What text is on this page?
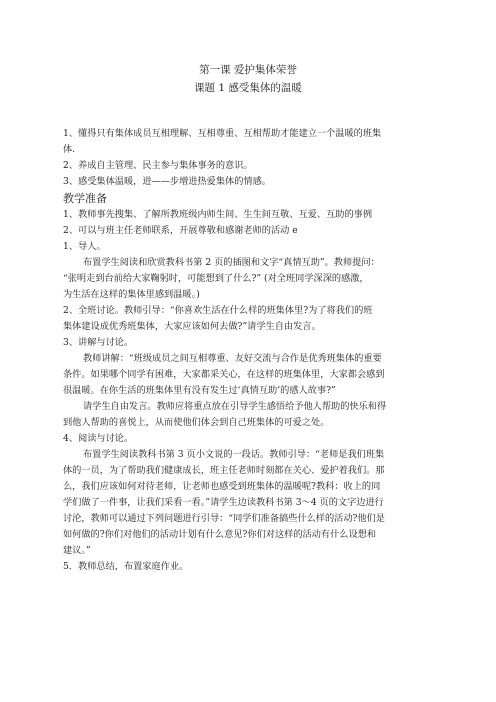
第一课 爱护集体荣誉
课题 1 感受集体的温暖
1、懂得只有集体成员互相理解、互相尊重、互相帮助才能建立一个温暖的班集
体.
2、养成自主管理、民主参与集体事务的意识。
3、感受集体温暖，进——步增进热爱集体的情感。
教学准备
1、教师事先搜集、了解所教班级内师生间、生生间互敬、互爱、互助的事例
2、可以与班主任老师联系，开展尊敬和感谢老师的活动 e
1、导人。
布置学生阅读和欣赏教科书第 2 页的插图和文字“真情互助”。教师提问：
“张明走到台前给大家鞠躬时，可能想到了什么?” (对全班同学深深的感激，
为生活在这样的集体里感到温暖。)
2、全班讨论。教师引导：“你喜欢生活在什么样的班集体里?为了将我们的班
集体建设成优秀班集体，大家应该如何去做?”请学生自由发言。
3、讲解与讨论。
教师讲解：“班级成员之间互相尊重、友好交流与合作是优秀班集体的重要
条件。如果哪个同学有困难，大家都采关心，在这样的班集体里，大家都会感到
很温暖。在你生活的班集体里有没有发生过‘真情互助’的感人故事?”
请学生自由发言。教师应将重点放在引导学生感悟给予他人帮助的快乐和得
到他人帮助的喜悦上，从而使他们体会到自己班集体的可爱之处。
4、阅读与讨论。
布置学生阅读教科书第 3 页小文说的一段话。教师引导：“老师是我们班集
体的一员，为了帮助我们健康成长，班主任老师时刻都在关心、爱护着我们。那
么，我们应该如何对待老师，让老师也感受到班集体的温暖呢?教科：收上的同
学们做了一件事，让我们采看一看。”请学生边读教科书第 3～4 页的文字边进行
讨沦，教师可以通过下列问题进行引导：“同学们准备搞些什么样的活动?他们是
如何做的?你们对他们的活动计划有什么意见?你们对这样的活动有什么设想和
建议。”
5．教师总结，布置家庭作业。
